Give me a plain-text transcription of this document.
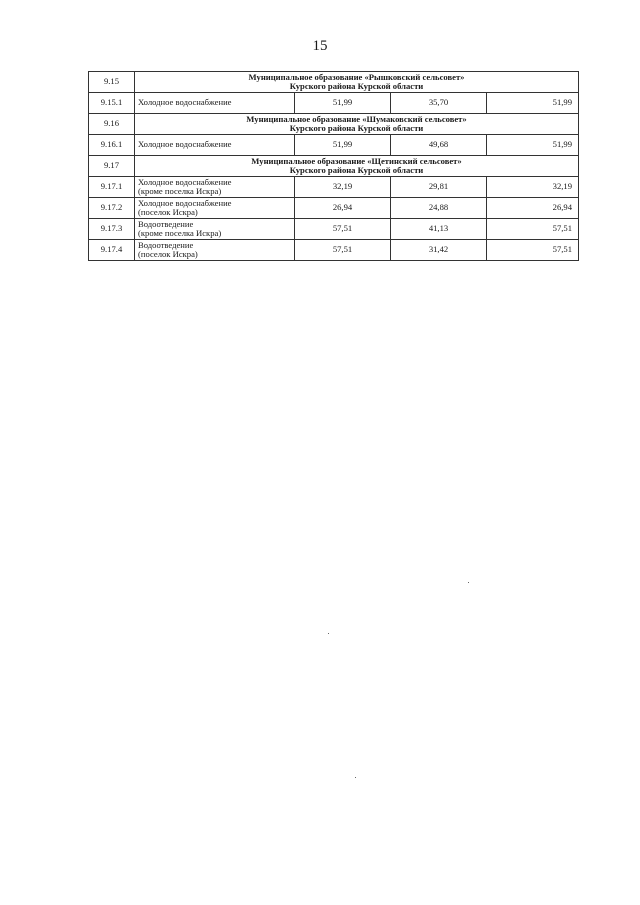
15
9.15	Муниципальное образование «Рышковский сельсовет»
Курского района Курской области			

9.15.1	Холодное водоснабжение	51,99	35,70	51,99
9.16	Муниципальное образование «Шумаковский сельсовет»
Курского района Курской области			

9.16.1	Холодное водоснабжение	51,99	49,68	51,99
9.17	Муниципальное образование «Щетинский сельсовет»
Курского района Курской области			

9.17.1	Холодное водоснабжение
(кроме поселка Искра)	32,19	29,81	32,19
9.17.2	Холодное водоснабжение
(поселок Искра)	26,94	24,88	26,94
9.17.3	Водоотведение
(кроме поселка Искра)	57,51	41,13	57,51
9.17.4	Водоотведение
(поселок Искра)	57,51	31,42	57,51
